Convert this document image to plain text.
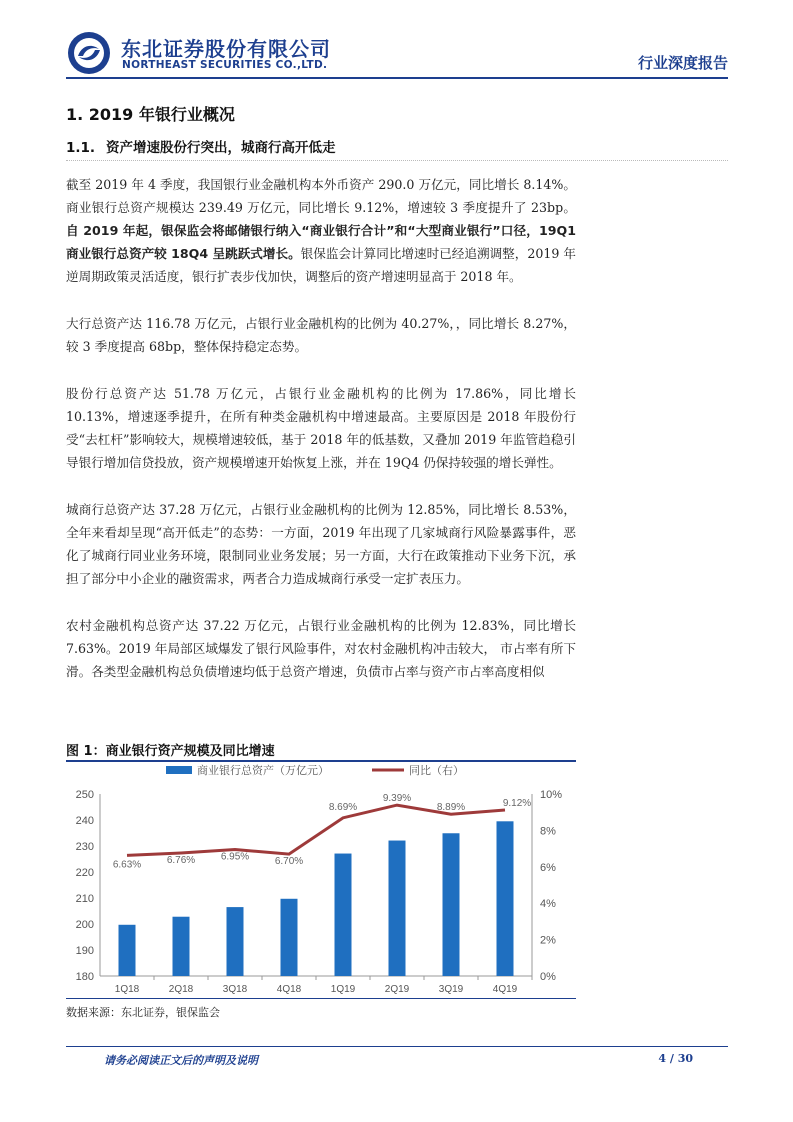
东北证券股份有限公司
NORTHEAST SECURITIES CO.,LTD.	行业深度报告
1. 2019 年银行业概况
1.1. 资产增速股份行突出，城商行高开低走

截至 2019 年 4 季度，我国银行业金融机构本外币资产 290.0 万亿元，同比增长 8.14%。商业银行总资产规模达 239.49 万亿元，同比增长 9.12%，增速较 3 季度提升了 23bp。自 2019 年起，银保监会将邮储银行纳入“商业银行合计”和“大型商业银行”口径，19Q1 商业银行总资产较 18Q4 呈跳跃式增长。银保监会计算同比增速时已经追溯调整，2019 年逆周期政策灵活适度，银行扩表步伐加快，调整后的资产增速明显高于 2018 年。

大行总资产达 116.78 万亿元，占银行业金融机构的比例为 40.27%，，同比增长 8.27%，较 3 季度提高 68bp，整体保持稳定态势。

股份行总资产达 51.78 万亿元，占银行业金融机构的比例为 17.86%，同比增长 10.13%，增速逐季提升，在所有种类金融机构中增速最高。主要原因是 2018 年股份行受“去杠杆”影响较大，规模增速较低，基于 2018 年的低基数，又叠加 2019 年监管趋稳引导银行增加信贷投放，资产规模增速开始恢复上涨，并在 19Q4 仍保持较强的增长弹性。

城商行总资产达 37.28 万亿元，占银行业金融机构的比例为 12.85%，同比增长 8.53%，全年来看却呈现“高开低走”的态势：一方面，2019 年出现了几家城商行风险暴露事件，恶化了城商行同业业务环境，限制同业业务发展；另一方面，大行在政策推动下业务下沉，承担了部分中小企业的融资需求，两者合力造成城商行承受一定扩表压力。

农村金融机构总资产达 37.22 万亿元，占银行业金融机构的比例为 12.83%，同比增长 7.63%。2019 年局部区域爆发了银行风险事件，对农村金融机构冲击较大， 市占率有所下滑。各类型金融机构总负债增速均低于总资产增速，负债市占率与资产市占率高度相似

图 1：商业银行资产规模及同比增速
商业银行总资产（万亿元）	同比（右）
180
190
200
210
220
230
240
250
0%
2%
4%
6%
8%
10%
1Q18	2Q18	3Q18	4Q18	1Q19	2Q19	3Q19	4Q19
6.63%	6.76%	6.95%	6.70%
8.69%
9.39%
8.89%	9.12%
数据来源：东北证券，银保监会
请务必阅读正文后的声明及说明	4 / 30
